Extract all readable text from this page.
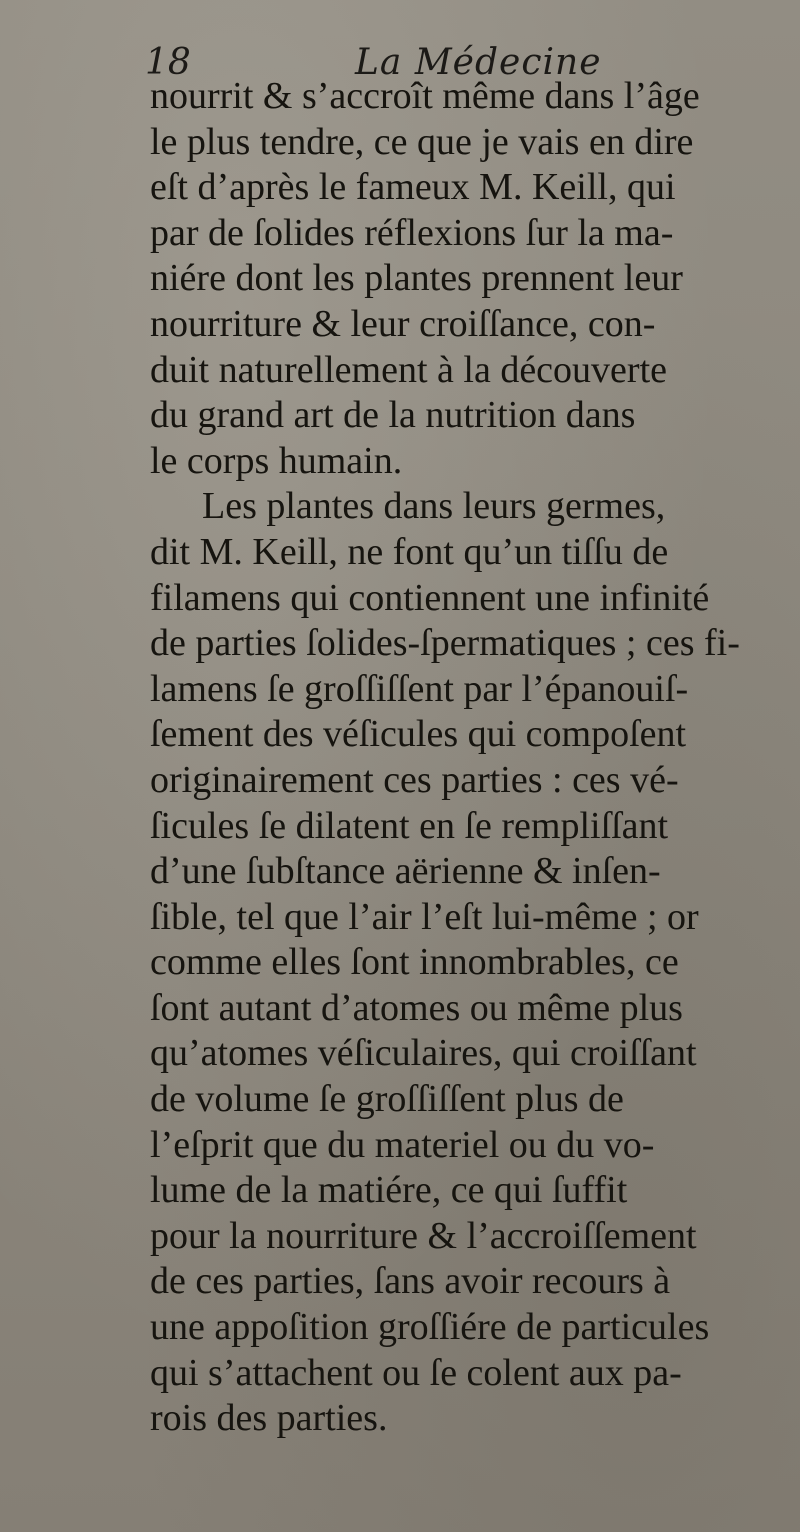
18	La Médecine
nourrit & s’accroît même dans l’âge
le plus tendre, ce que je vais en dire
eſt d’après le fameux M. Keill, qui
par de ſolides réflexions ſur la ma-
niére dont les plantes prennent leur
nourriture & leur croiſſance, con-
duit naturellement à la découverte
du grand art de la nutrition dans
le corps humain.
Les plantes dans leurs germes,
dit M. Keill, ne font qu’un tiſſu de
filamens qui contiennent une infinité
de parties ſolides-ſpermatiques ; ces fi-
lamens ſe groſſiſſent par l’épanouiſ-
ſement des véſicules qui compoſent
originairement ces parties : ces vé-
ſicules ſe dilatent en ſe rempliſſant
d’une ſubſtance aërienne & inſen-
ſible, tel que l’air l’eſt lui-même ; or
comme elles ſont innombrables, ce
ſont autant d’atomes ou même plus
qu’atomes véſiculaires, qui croiſſant
de volume ſe groſſiſſent plus de
l’eſprit que du materiel ou du vo-
lume de la matiére, ce qui ſuffit
pour la nourriture & l’accroiſſement
de ces parties, ſans avoir recours à
une appoſition groſſiére de particules
qui s’attachent ou ſe colent aux pa-
rois des parties.
